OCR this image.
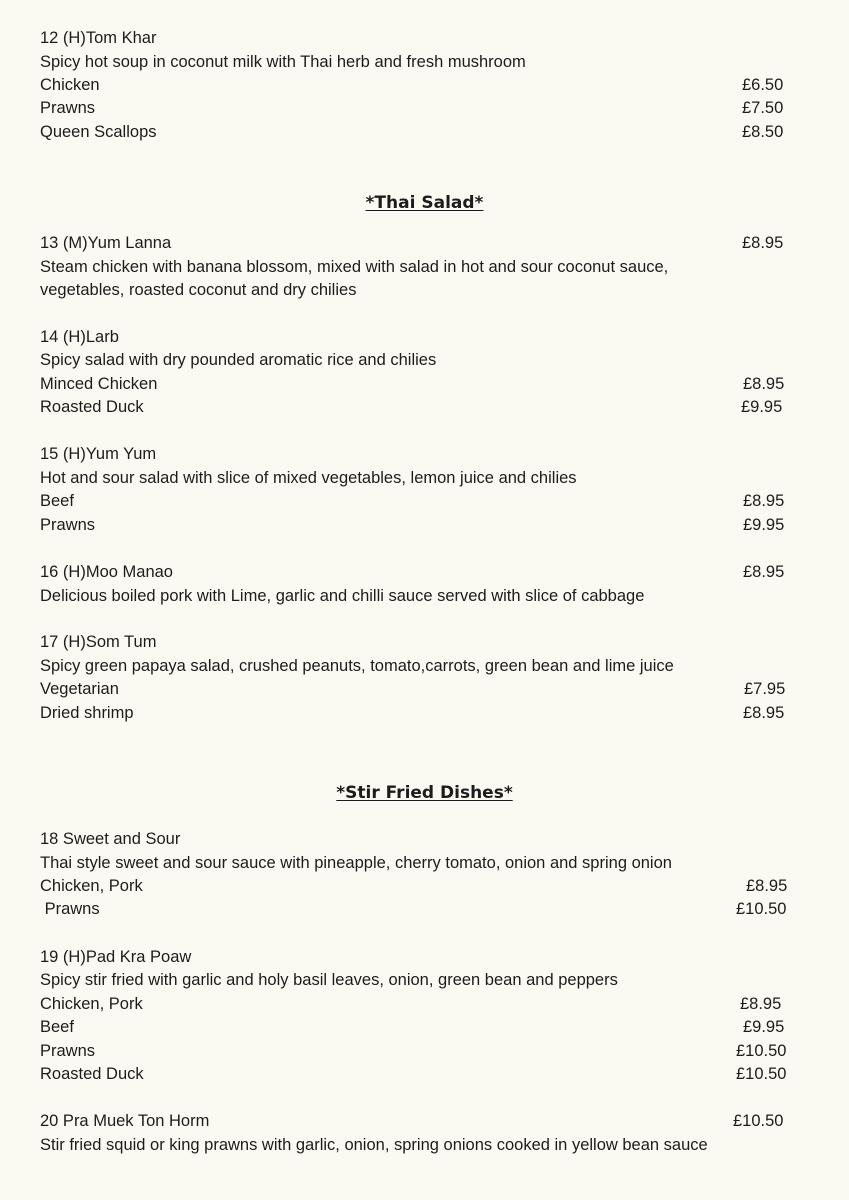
12 (H)Tom Khar
Spicy hot soup in coconut milk with Thai herb and fresh mushroom
Chicken	£6.50
Prawns	£7.50
Queen Scallops	£8.50
*Thai Salad*
13 (M)Yum Lanna	£8.95
Steam chicken with banana blossom, mixed with salad in hot and sour coconut sauce,
vegetables, roasted coconut and dry chilies
14 (H)Larb
Spicy salad with dry pounded aromatic rice and chilies
Minced Chicken	£8.95
Roasted Duck	£9.95
15 (H)Yum Yum
Hot and sour salad with slice of mixed vegetables, lemon juice and chilies
Beef	£8.95
Prawns	£9.95
16 (H)Moo Manao	£8.95
Delicious boiled pork with Lime, garlic and chilli sauce served with slice of cabbage
17 (H)Som Tum
Spicy green papaya salad, crushed peanuts, tomato,carrots, green bean and lime juice
Vegetarian	£7.95
Dried shrimp	£8.95
*Stir Fried Dishes*
18 Sweet and Sour
Thai style sweet and sour sauce with pineapple, cherry tomato, onion and spring onion
Chicken, Pork	£8.95
Prawns	£10.50
19 (H)Pad Kra Poaw
Spicy stir fried with garlic and holy basil leaves, onion, green bean and peppers
Chicken, Pork	£8.95
Beef	£9.95
Prawns	£10.50
Roasted Duck	£10.50
20 Pra Muek Ton Horm	£10.50
Stir fried squid or king prawns with garlic, onion, spring onions cooked in yellow bean sauce
